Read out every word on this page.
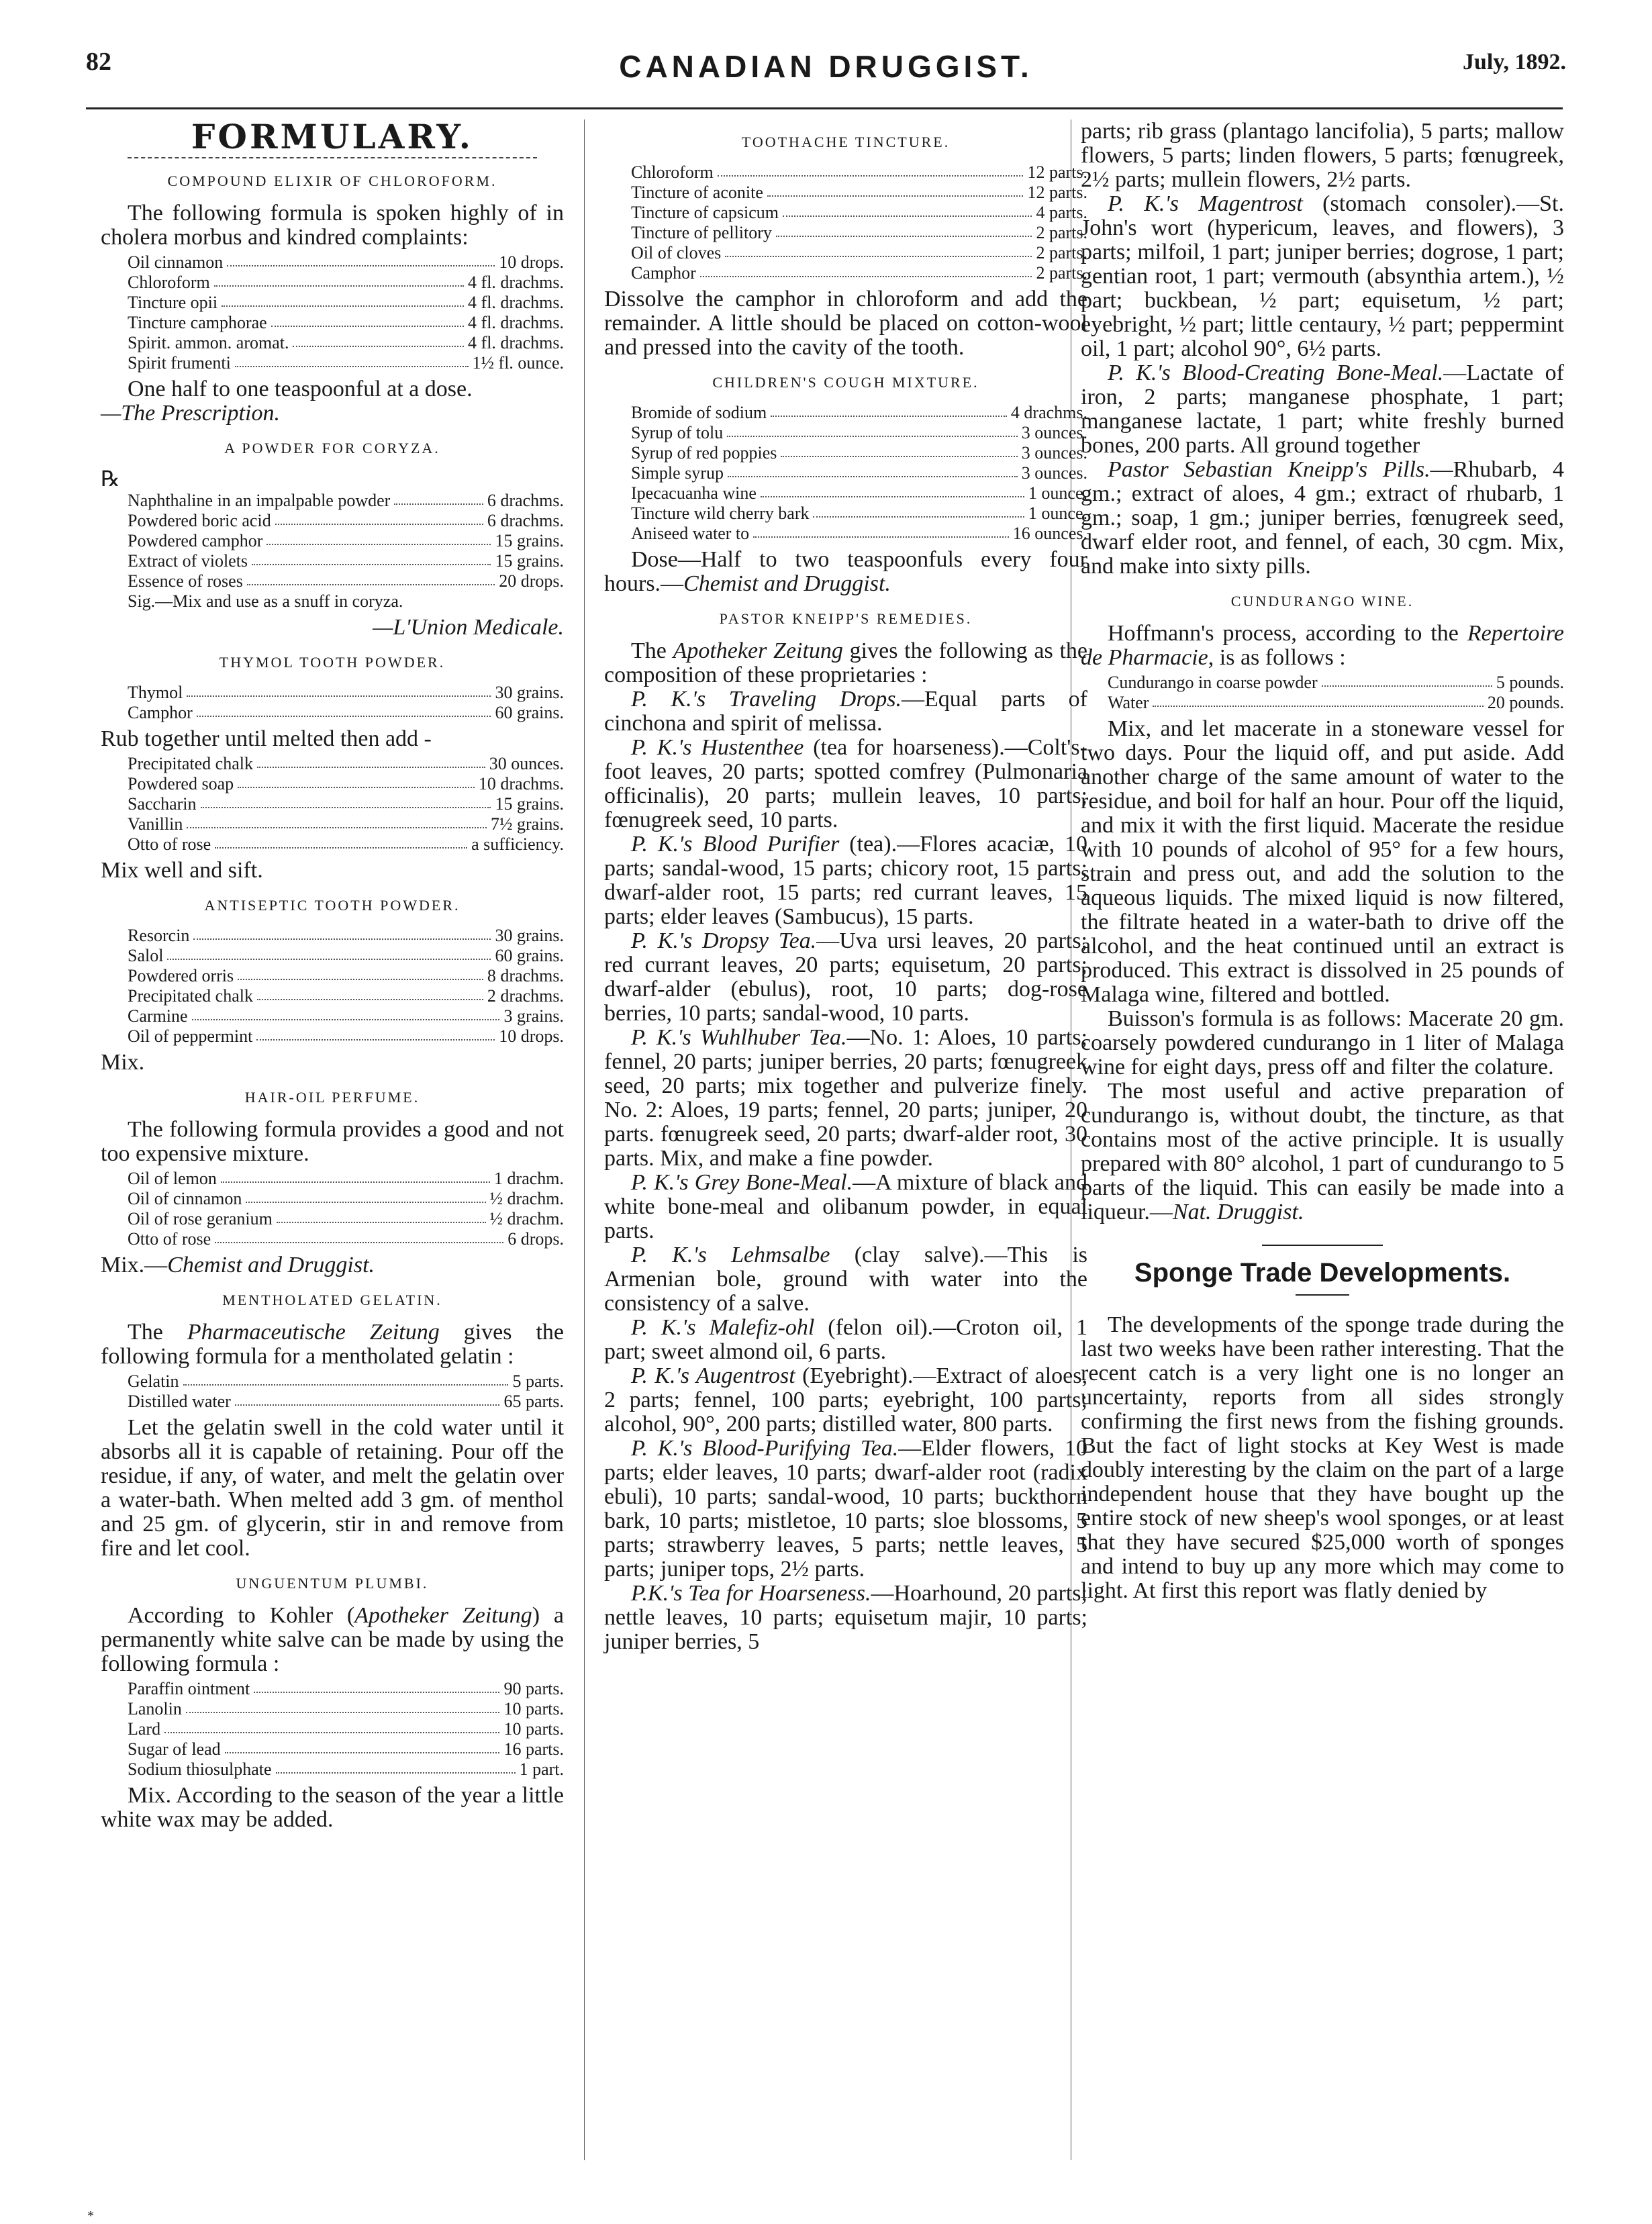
82	CANADIAN DRUGGIST.	July, 1892.
FORMULARY.
COMPOUND ELIXIR OF CHLOROFORM.

The following formula is spoken highly of in cholera morbus and kindred complaints:

Oil cinnamon	10 drops.
Chloroform	4 fl. drachms.
Tincture opii	4 fl. drachms.
Tincture camphorae	4 fl. drachms.
Spirit. ammon. aromat.	4 fl. drachms.
Spirit frumenti	1½ fl. ounce.

One half to one teaspoonful at a dose.

—The Prescription.

A POWDER FOR CORYZA.
℞
Naphthaline in an impalpable powder	6 drachms.
Powdered boric acid	6 drachms.
Powdered camphor	15 grains.
Extract of violets	15 grains.
Essence of roses	20 drops.
Sig.—Mix and use as a snuff in coryza.
—L'Union Medicale.
THYMOL TOOTH POWDER.
Thymol	30 grains.
Camphor	60 grains.

Rub together until melted then add -

Precipitated chalk	30 ounces.
Powdered soap	10 drachms.
Saccharin	15 grains.
Vanillin	7½ grains.
Otto of rose	a sufficiency.

Mix well and sift.

ANTISEPTIC TOOTH POWDER.
Resorcin	30 grains.
Salol	60 grains.
Powdered orris	8 drachms.
Precipitated chalk	2 drachms.
Carmine	3 grains.
Oil of peppermint	10 drops.

Mix.

HAIR-OIL PERFUME.

The following formula provides a good and not too expensive mixture.

Oil of lemon	1 drachm.
Oil of cinnamon	½ drachm.
Oil of rose geranium	½ drachm.
Otto of rose	6 drops.

Mix.—Chemist and Druggist.

MENTHOLATED GELATIN.

The Pharmaceutische Zeitung gives the following formula for a mentholated gelatin :

Gelatin	5 parts.
Distilled water	65 parts.

Let the gelatin swell in the cold water until it absorbs all it is capable of retaining. Pour off the residue, if any, of water, and melt the gelatin over a water-bath. When melted add 3 gm. of menthol and 25 gm. of glycerin, stir in and remove from fire and let cool.

UNGUENTUM PLUMBI.

According to Kohler (Apotheker Zeitung) a permanently white salve can be made by using the following formula :

Paraffin ointment	90 parts.
Lanolin	10 parts.
Lard	10 parts.
Sugar of lead	16 parts.
Sodium thiosulphate	1 part.

Mix. According to the season of the year a little white wax may be added.

TOOTHACHE TINCTURE.
Chloroform	12 parts.
Tincture of aconite	12 parts.
Tincture of capsicum	4 parts.
Tincture of pellitory	2 parts.
Oil of cloves	2 parts.
Camphor	2 parts.

Dissolve the camphor in chloroform and add the remainder. A little should be placed on cotton-wool and pressed into the cavity of the tooth.

CHILDREN'S COUGH MIXTURE.
Bromide of sodium	4 drachms.
Syrup of tolu	3 ounces.
Syrup of red poppies	3 ounces.
Simple syrup	3 ounces.
Ipecacuanha wine	1 ounce.
Tincture wild cherry bark	1 ounce.
Aniseed water to	16 ounces.

Dose—Half to two teaspoonfuls every four hours.—Chemist and Druggist.

PASTOR KNEIPP'S REMEDIES.

The Apotheker Zeitung gives the following as the composition of these proprietaries :

P. K.'s Traveling Drops.—Equal parts of cinchona and spirit of melissa.

P. K.'s Hustenthee (tea for hoarseness).—Colt's-foot leaves, 20 parts; spotted comfrey (Pulmonaria officinalis), 20 parts; mullein leaves, 10 parts; fœnugreek seed, 10 parts.

P. K.'s Blood Purifier (tea).—Flores acaciæ, 10 parts; sandal-wood, 15 parts; chicory root, 15 parts; dwarf-alder root, 15 parts; red currant leaves, 15 parts; elder leaves (Sambucus), 15 parts.

P. K.'s Dropsy Tea.—Uva ursi leaves, 20 parts; red currant leaves, 20 parts; equisetum, 20 parts; dwarf-alder (ebulus), root, 10 parts; dog-rose berries, 10 parts; sandal-wood, 10 parts.

P. K.'s Wuhlhuber Tea.—No. 1: Aloes, 10 parts; fennel, 20 parts; juniper berries, 20 parts; fœnugreek seed, 20 parts; mix together and pulverize finely. No. 2: Aloes, 19 parts; fennel, 20 parts; juniper, 20 parts. fœnugreek seed, 20 parts; dwarf-alder root, 30 parts. Mix, and make a fine powder.

P. K.'s Grey Bone-Meal.—A mixture of black and white bone-meal and olibanum powder, in equal parts.

P. K.'s Lehmsalbe (clay salve).—This is Armenian bole, ground with water into the consistency of a salve.

P. K.'s Malefiz-ohl (felon oil).—Croton oil, 1 part; sweet almond oil, 6 parts.

P. K.'s Augentrost (Eyebright).—Extract of aloes, 2 parts; fennel, 100 parts; eyebright, 100 parts; alcohol, 90°, 200 parts; distilled water, 800 parts.

P. K.'s Blood-Purifying Tea.—Elder flowers, 10 parts; elder leaves, 10 parts; dwarf-alder root (radix ebuli), 10 parts; sandal-wood, 10 parts; buckthorn bark, 10 parts; mistletoe, 10 parts; sloe blossoms, 5 parts; strawberry leaves, 5 parts; nettle leaves, 5 parts; juniper tops, 2½ parts.

P.K.'s Tea for Hoarseness.—Hoarhound, 20 parts; nettle leaves, 10 parts; equisetum majir, 10 parts; juniper berries, 5

parts; rib grass (plantago lancifolia), 5 parts; mallow flowers, 5 parts; linden flowers, 5 parts; fœnugreek, 2½ parts; mullein flowers, 2½ parts.

P. K.'s Magentrost (stomach consoler).—St. John's wort (hypericum, leaves, and flowers), 3 parts; milfoil, 1 part; juniper berries; dogrose, 1 part; gentian root, 1 part; vermouth (absynthia artem.), ½ part; buckbean, ½ part; equisetum, ½ part; eyebright, ½ part; little centaury, ½ part; peppermint oil, 1 part; alcohol 90°, 6½ parts.

P. K.'s Blood-Creating Bone-Meal.—Lactate of iron, 2 parts; manganese phosphate, 1 part; manganese lactate, 1 part; white freshly burned bones, 200 parts. All ground together

Pastor Sebastian Kneipp's Pills.—Rhubarb, 4 gm.; extract of aloes, 4 gm.; extract of rhubarb, 1 gm.; soap, 1 gm.; juniper berries, fœnugreek seed, dwarf elder root, and fennel, of each, 30 cgm. Mix, and make into sixty pills.

CUNDURANGO WINE.

Hoffmann's process, according to the Repertoire de Pharmacie, is as follows :

Cundurango in coarse powder	5 pounds.
Water	20 pounds.

Mix, and let macerate in a stoneware vessel for two days. Pour the liquid off, and put aside. Add another charge of the same amount of water to the residue, and boil for half an hour. Pour off the liquid, and mix it with the first liquid. Macerate the residue with 10 pounds of alcohol of 95° for a few hours, strain and press out, and add the solution to the aqueous liquids. The mixed liquid is now filtered, the filtrate heated in a water-bath to drive off the alcohol, and the heat continued until an extract is produced. This extract is dissolved in 25 pounds of Malaga wine, filtered and bottled.

Buisson's formula is as follows: Macerate 20 gm. coarsely powdered cundurango in 1 liter of Malaga wine for eight days, press off and filter the colature.

The most useful and active preparation of cundurango is, without doubt, the tincture, as that contains most of the active principle. It is usually prepared with 80° alcohol, 1 part of cundurango to 5 parts of the liquid. This can easily be made into a liqueur.—Nat. Druggist.

Sponge Trade Developments.

The developments of the sponge trade during the last two weeks have been rather interesting. That the recent catch is a very light one is no longer an uncertainty, reports from all sides strongly confirming the first news from the fishing grounds. But the fact of light stocks at Key West is made doubly interesting by the claim on the part of a large independent house that they have bought up the entire stock of new sheep's wool sponges, or at least that they have secured $25,000 worth of sponges and intend to buy up any more which may come to light. At first this report was flatly denied by

*
